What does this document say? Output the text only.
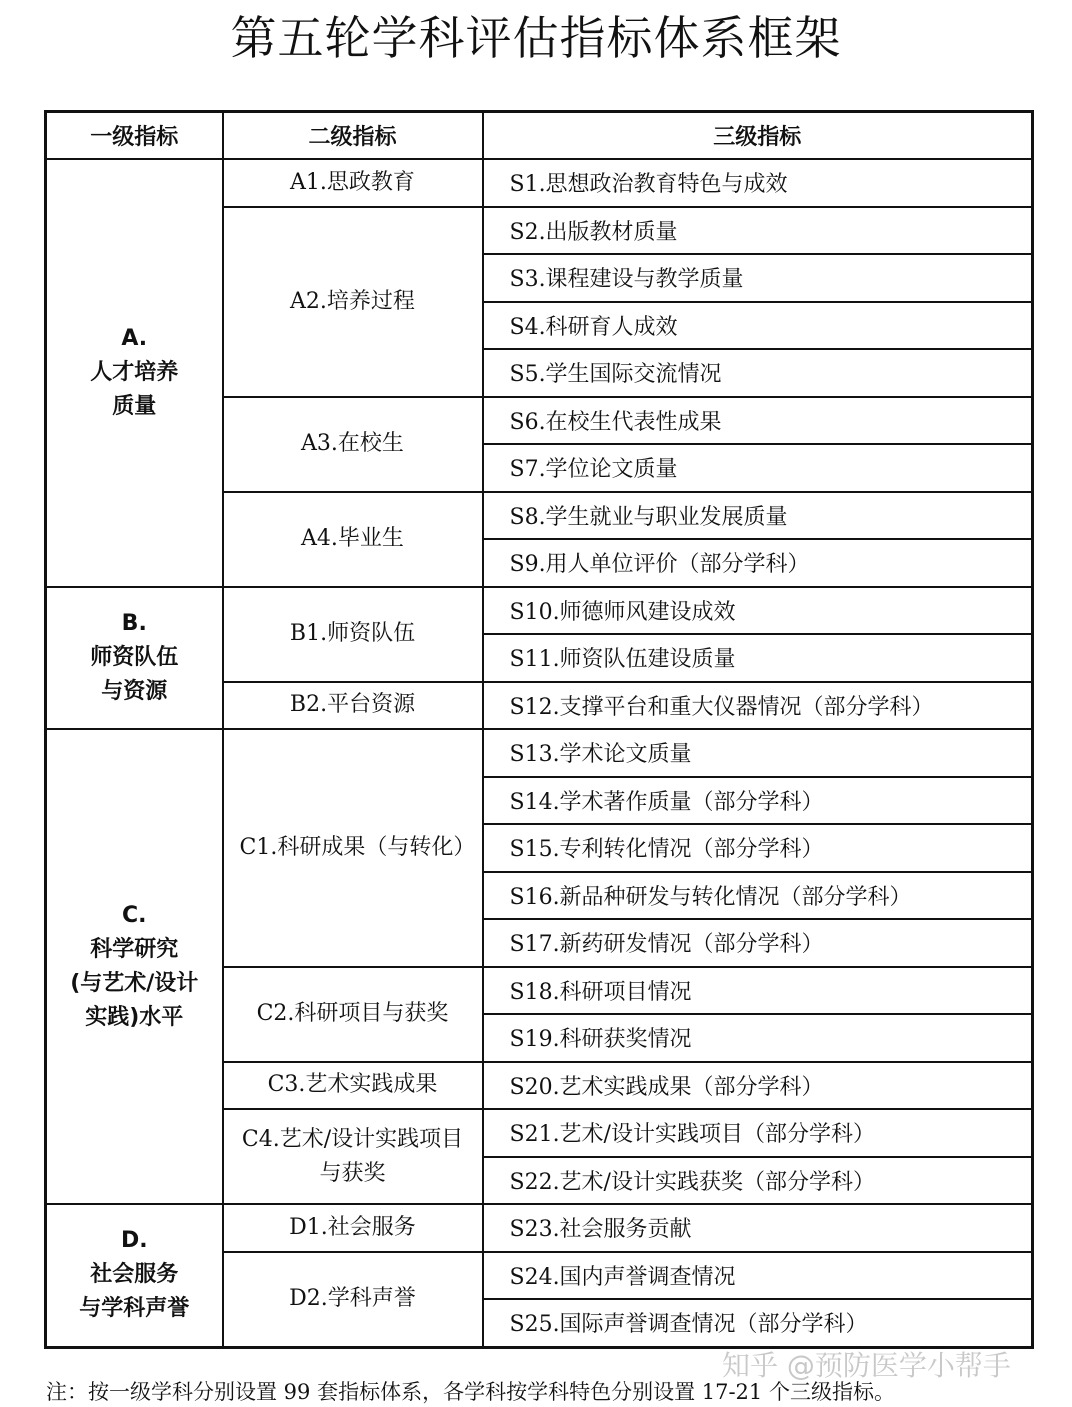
第五轮学科评估指标体系框架
一级指标	二级指标	三级指标
A.
人才培养
质量	A1.思政教育	S1.思想政治教育特色与成效
	A2.培养过程	S2.出版教材质量
		S3.课程建设与教学质量
		S4.科研育人成效
		S5.学生国际交流情况
	A3.在校生	S6.在校生代表性成果
		S7.学位论文质量
	A4.毕业生	S8.学生就业与职业发展质量
		S9.用人单位评价（部分学科）
B.
师资队伍
与资源	B1.师资队伍	S10.师德师风建设成效
		S11.师资队伍建设质量
	B2.平台资源	S12.支撑平台和重大仪器情况（部分学科）
C.
科学研究
(与艺术/设计
实践)水平	C1.科研成果（与转化）	S13.学术论文质量
		S14.学术著作质量（部分学科）
		S15.专利转化情况（部分学科）
		S16.新品种研发与转化情况（部分学科）
		S17.新药研发情况（部分学科）
	C2.科研项目与获奖	S18.科研项目情况
		S19.科研获奖情况
	C3.艺术实践成果	S20.艺术实践成果（部分学科）
	C4.艺术/设计实践项目与获奖	S21.艺术/设计实践项目（部分学科）
		S22.艺术/设计实践获奖（部分学科）
D.
社会服务
与学科声誉	D1.社会服务	S23.社会服务贡献
	D2.学科声誉	S24.国内声誉调查情况
		S25.国际声誉调查情况（部分学科）
知乎 @预防医学小帮手
注：按一级学科分别设置 99 套指标体系，各学科按学科特色分别设置 17-21 个三级指标。
